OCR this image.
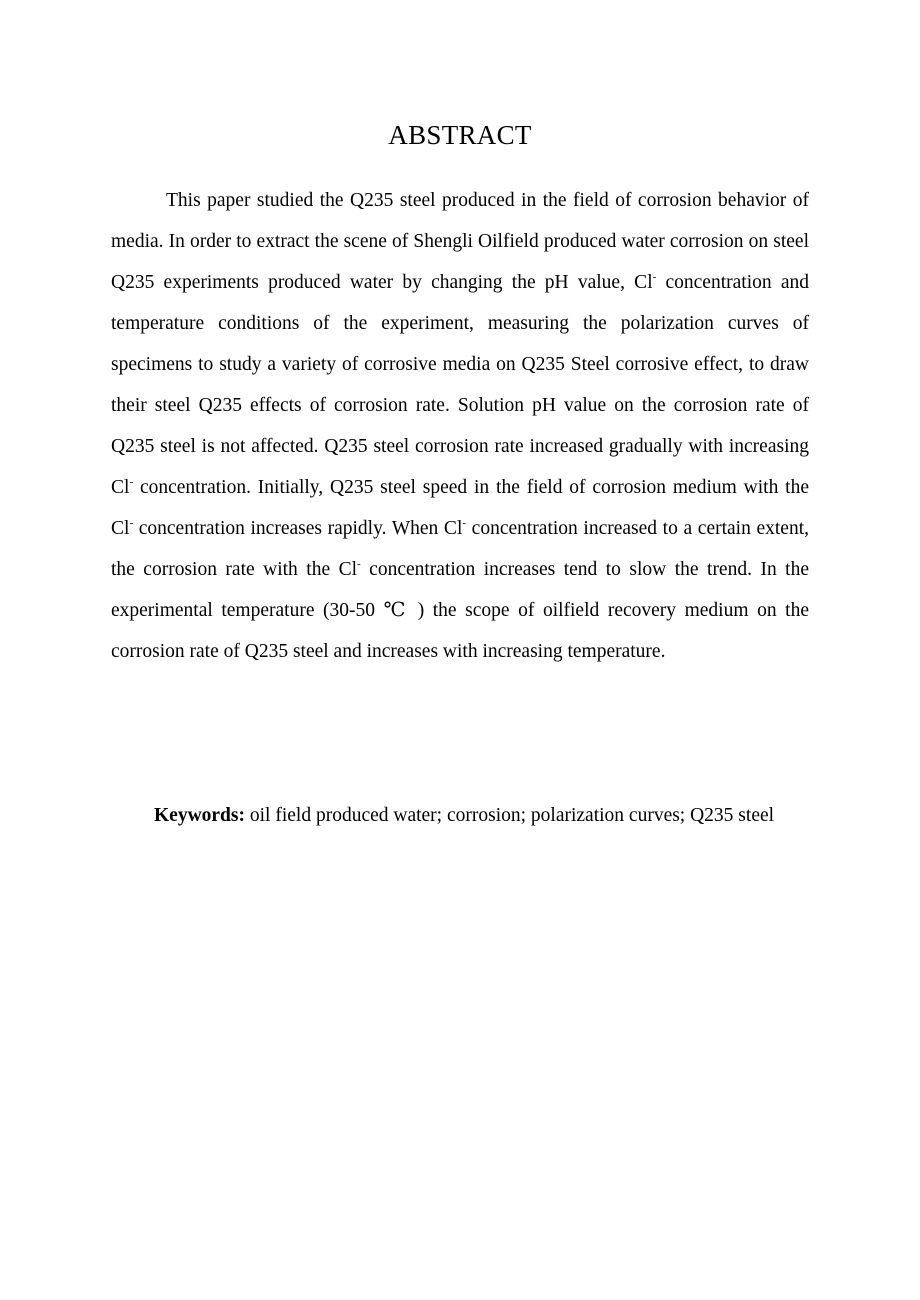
ABSTRACT

This paper studied the Q235 steel produced in the field of corrosion behavior of media. In order to extract the scene of Shengli Oilfield produced water corrosion on steel Q235 experiments produced water by changing the pH value, Cl- concentration and temperature conditions of the experiment, measuring the polarization curves of specimens to study a variety of corrosive media on Q235 Steel corrosive effect, to draw their steel Q235 effects of corrosion rate. Solution pH value on the corrosion rate of Q235 steel is not affected. Q235 steel corrosion rate increased gradually with increasing Cl- concentration. Initially, Q235 steel speed in the field of corrosion medium with the Cl- concentration increases rapidly. When Cl- concentration increased to a certain extent, the corrosion rate with the Cl- concentration increases tend to slow the trend. In the experimental temperature (30-50 ℃ ) the scope of oilfield recovery medium on the corrosion rate of Q235 steel and increases with increasing temperature.

Keywords: oil field produced water; corrosion; polarization curves; Q235 steel
